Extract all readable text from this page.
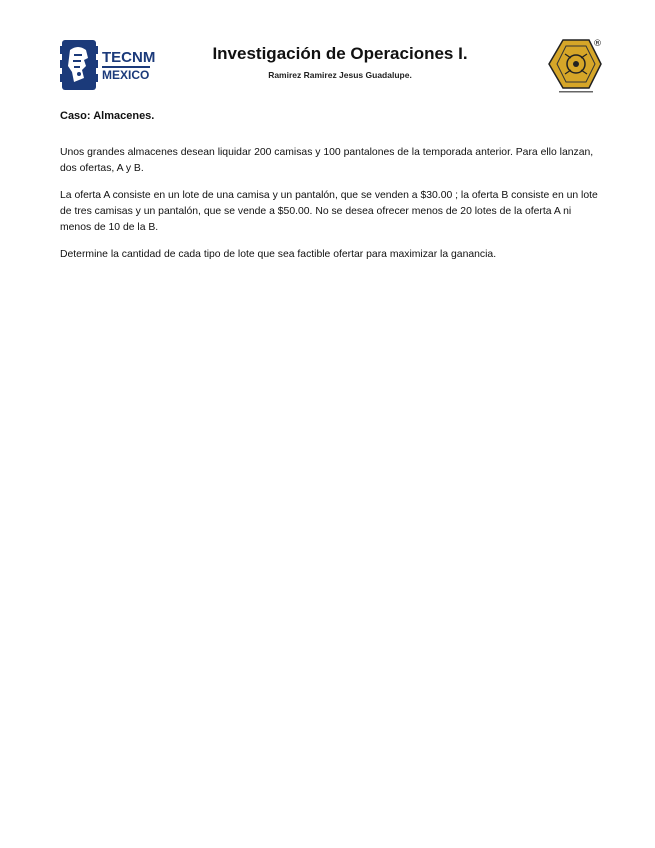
TECNM
MEXICO
Investigación de Operaciones I.
Ramirez Ramirez Jesus Guadalupe.
®
Caso: Almacenes.

Unos grandes almacenes desean liquidar 200 camisas y 100 pantalones de la temporada anterior. Para ello lanzan, dos ofertas, A y B.

La oferta A consiste en un lote de una camisa y un pantalón, que se venden a $30.00 ; la oferta B consiste en un lote de tres camisas y un pantalón, que se vende a $50.00. No se desea ofrecer menos de 20 lotes de la oferta A ni menos de 10 de la B.

Determine la cantidad de cada tipo de lote que sea factible ofertar para maximizar la ganancia.
